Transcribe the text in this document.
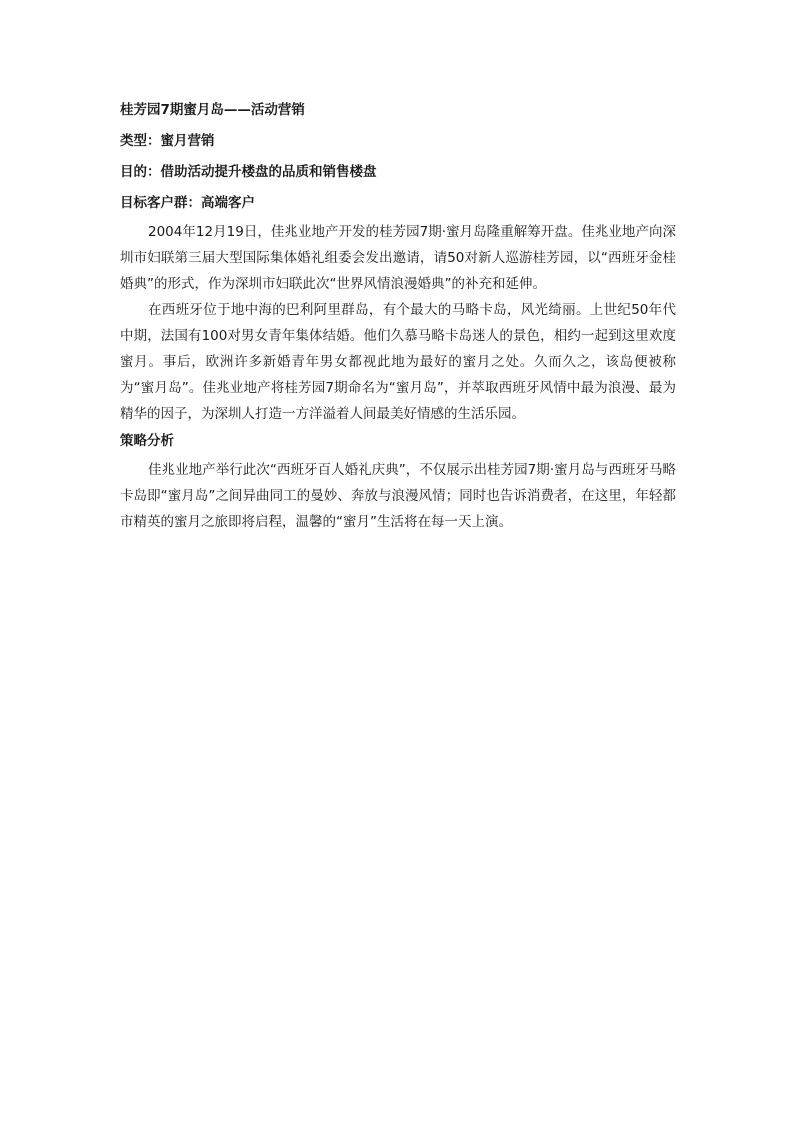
桂芳园7期蜜月岛——活动营销
类型：蜜月营销
目的：借助活动提升楼盘的品质和销售楼盘
目标客户群：高端客户

2004年12月19日，佳兆业地产开发的桂芳园7期·蜜月岛隆重解筹开盘。佳兆业地产向深圳市妇联第三届大型国际集体婚礼组委会发出邀请，请50对新人巡游桂芳园，以“西班牙金桂婚典”的形式，作为深圳市妇联此次“世界风情浪漫婚典”的补充和延伸。

在西班牙位于地中海的巴利阿里群岛，有个最大的马略卡岛，风光绮丽。上世纪50年代中期，法国有100对男女青年集体结婚。他们久慕马略卡岛迷人的景色，相约一起到这里欢度蜜月。事后，欧洲许多新婚青年男女都视此地为最好的蜜月之处。久而久之，该岛便被称为“蜜月岛”。佳兆业地产将桂芳园7期命名为“蜜月岛”，并萃取西班牙风情中最为浪漫、最为精华的因子，为深圳人打造一方洋溢着人间最美好情感的生活乐园。

策略分析

佳兆业地产举行此次“西班牙百人婚礼庆典”，不仅展示出桂芳园7期·蜜月岛与西班牙马略卡岛即“蜜月岛”之间异曲同工的曼妙、奔放与浪漫风情；同时也告诉消费者，在这里，年轻都市精英的蜜月之旅即将启程，温馨的“蜜月”生活将在每一天上演。
